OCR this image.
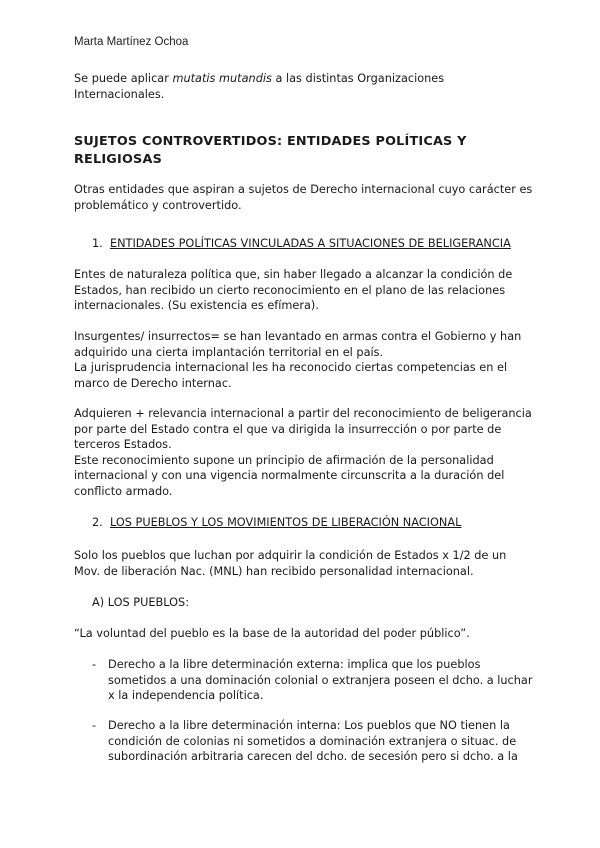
Marta Martínez Ochoa
Se puede aplicar mutatis mutandis a las distintas Organizaciones
Internacionales.
SUJETOS CONTROVERTIDOS: ENTIDADES POLÍTICAS Y
RELIGIOSAS
Otras entidades que aspiran a sujetos de Derecho internacional cuyo carácter es
problemático y controvertido.
1. ENTIDADES POLÍTICAS VINCULADAS A SITUACIONES DE BELIGERANCIA
Entes de naturaleza política que, sin haber llegado a alcanzar la condición de
Estados, han recibido un cierto reconocimiento en el plano de las relaciones
internacionales. (Su existencia es efímera).
Insurgentes/ insurrectos= se han levantado en armas contra el Gobierno y han
adquirido una cierta implantación territorial en el país.
La jurisprudencia internacional les ha reconocido ciertas competencias en el
marco de Derecho internac.
Adquieren + relevancia internacional a partir del reconocimiento de beligerancia
por parte del Estado contra el que va dirigida la insurrección o por parte de
terceros Estados.
Este reconocimiento supone un principio de afirmación de la personalidad
internacional y con una vigencia normalmente circunscrita a la duración del
conflicto armado.
2. LOS PUEBLOS Y LOS MOVIMIENTOS DE LIBERACIÓN NACIONAL
Solo los pueblos que luchan por adquirir la condición de Estados x 1/2 de un
Mov. de liberación Nac. (MNL) han recibido personalidad internacional.
A) LOS PUEBLOS:
“La voluntad del pueblo es la base de la autoridad del poder público”.
- Derecho a la libre determinación externa: implica que los pueblos
sometidos a una dominación colonial o extranjera poseen el dcho. a luchar
x la independencia política.
- Derecho a la libre determinación interna: Los pueblos que NO tienen la
condición de colonias ni sometidos a dominación extranjera o situac. de
subordinación arbitraria carecen del dcho. de secesión pero si dcho. a la
